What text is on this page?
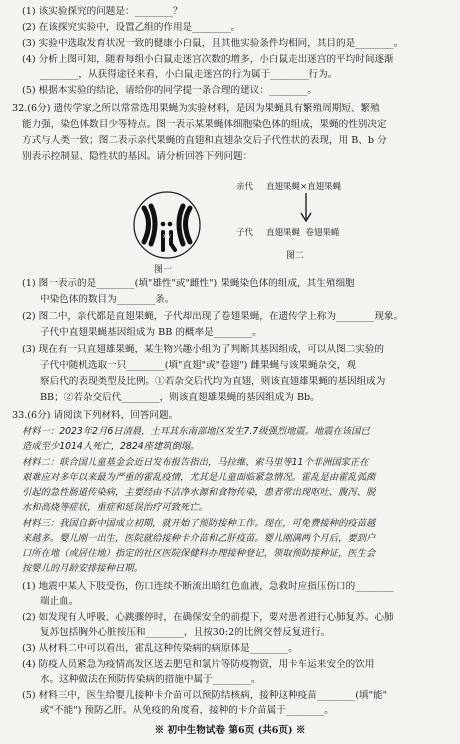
(1) 该实验探究的问题是：________？
(2) 在该探究实验中，设置乙组的作用是________。
(3) 实验中选取发育状况一致的健康小白鼠，且其他实验条件均相同，其目的是________。
(4) 分析上图可知，随着每组小白鼠走迷宫次数的增多，小白鼠走出迷宫的平均时间逐渐
________，从获得途径来看，小白鼠走迷宫的行为属于________行为。
(5) 根据本实验的结论，请给你的同学提一条合理的建议：________。
32.(6分) 遗传学家之所以常常选用果蝇为实验材料，是因为果蝇具有繁殖周期短、繁殖
能力强，染色体数目少等特点。图一表示某果蝇体细胞染色体的组成，果蝇的性别决定
方式与人类一致；图二表示亲代果蝇的直翅和直翅杂交后子代性状的表现，用 B、b 分
别表示控制显、隐性状的基因。请分析回答下列问题：
X Y
图一
亲代 直翅果蝇×直翅果蝇
子代 直翅果蝇  卷翅果蝇
图二
(1) 图一表示的是________(填"雄性"或"雌性") 果蝇染色体的组成，其生殖细胞
中染色体的数目为________条。
(2) 图二中，亲代都是直翅果蝇，子代却出现了卷翅果蝇，在遗传学上称为________现象。
子代中直翅果蝇基因组成为 BB 的概率是________。
(3) 现在有一只直翅雄果蝇，某生物兴趣小组为了判断其基因组成，可以从图二实验的
子代中随机选取一只________(填"直翅"或"卷翅") 雌果蝇与该果蝇杂交，观
察后代的表现类型及比例。①若杂交后代均为直翅，则该直翅雄果蝇的基因组成为
BB；②若杂交后代________，则该直翅雄果蝇的基因组成为 Bb。
33.(6分) 请阅读下列材料，回答问题。
材料一：2023年2月6日清晨，土耳其东南部地区发生7.7级强烈地震。地震在该国已
造成至少1014人死亡，2824座建筑倒塌。
材料二：联合国儿童基金会近日发布报告指出，马拉维、索马里等11个非洲国家正在
艰难应对多年以来最为严重的霍乱疫情，尤其是儿童面临紧急情况。霍乱是由霍乱弧菌
引起的急性肠道传染病，主要经由不洁净水源和食物传染，患者常出现呕吐、腹泻、脱
水和高烧等症状，重症和延误治疗可致死亡。
材料三：我国自新中国成立初期，就开始了预防接种工作。现在，可免费接种的疫苗越
来越多。婴儿刚一出生，医院就给接种卡介苗和乙肝疫苗。婴儿刚满两个月后，要到户
口所在地（或居住地）指定的社区医院保健科办理接种登记，领取预防接种证，医生会
按婴儿的月龄安排接种日期。
(1) 地震中某人下肢受伤，伤口连续不断流出暗红色血液，急救时应指压伤口的________
端止血。
(2) 如发现有人呼吸、心跳骤停时，在确保安全的前提下，要对患者进行心肺复苏。心肺
复苏包括胸外心脏按压和________，且按30:2的比例交替反复进行。
(3) 从材料二中可以看出，霍乱这种传染病的病原体是________。
(4) 防疫人员紧急为疫情高发区送去肥皂和氯片等防疫物资，用卡车运来安全的饮用
水。这种做法在预防传染病的措施中属于________。
(5) 材料三中，医生给婴儿接种卡介苗可以预防结核病，接种这种疫苗________(填"能"
或"不能") 预防乙肝。从免疫的角度看，接种的卡介苗属于________。
※ 初中生物试卷 第6页 (共6页) ※
